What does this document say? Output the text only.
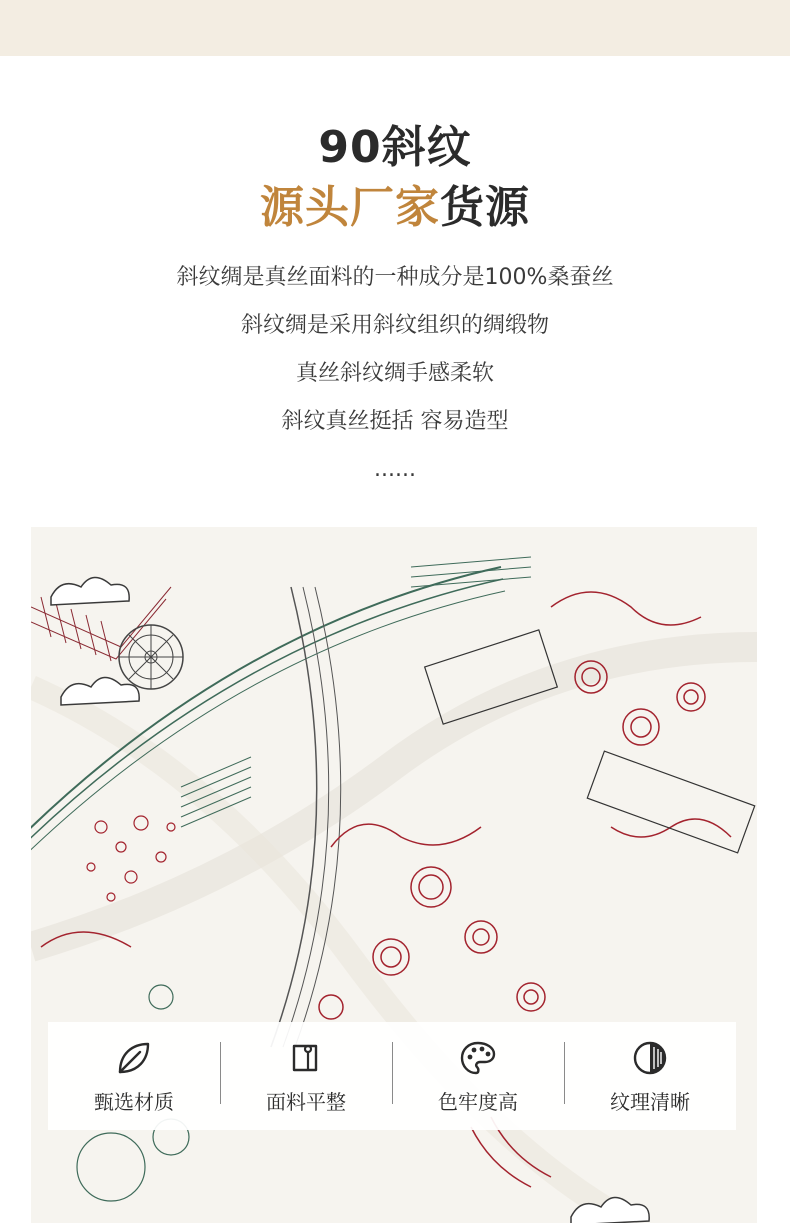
90斜纹
源头厂家货源
斜纹绸是真丝面料的一种成分是100%桑蚕丝
斜纹绸是采用斜纹组织的绸缎物
真丝斜纹绸手感柔软
斜纹真丝挺括 容易造型
......
甄选材质	面料平整	色牢度高	纹理清晰
